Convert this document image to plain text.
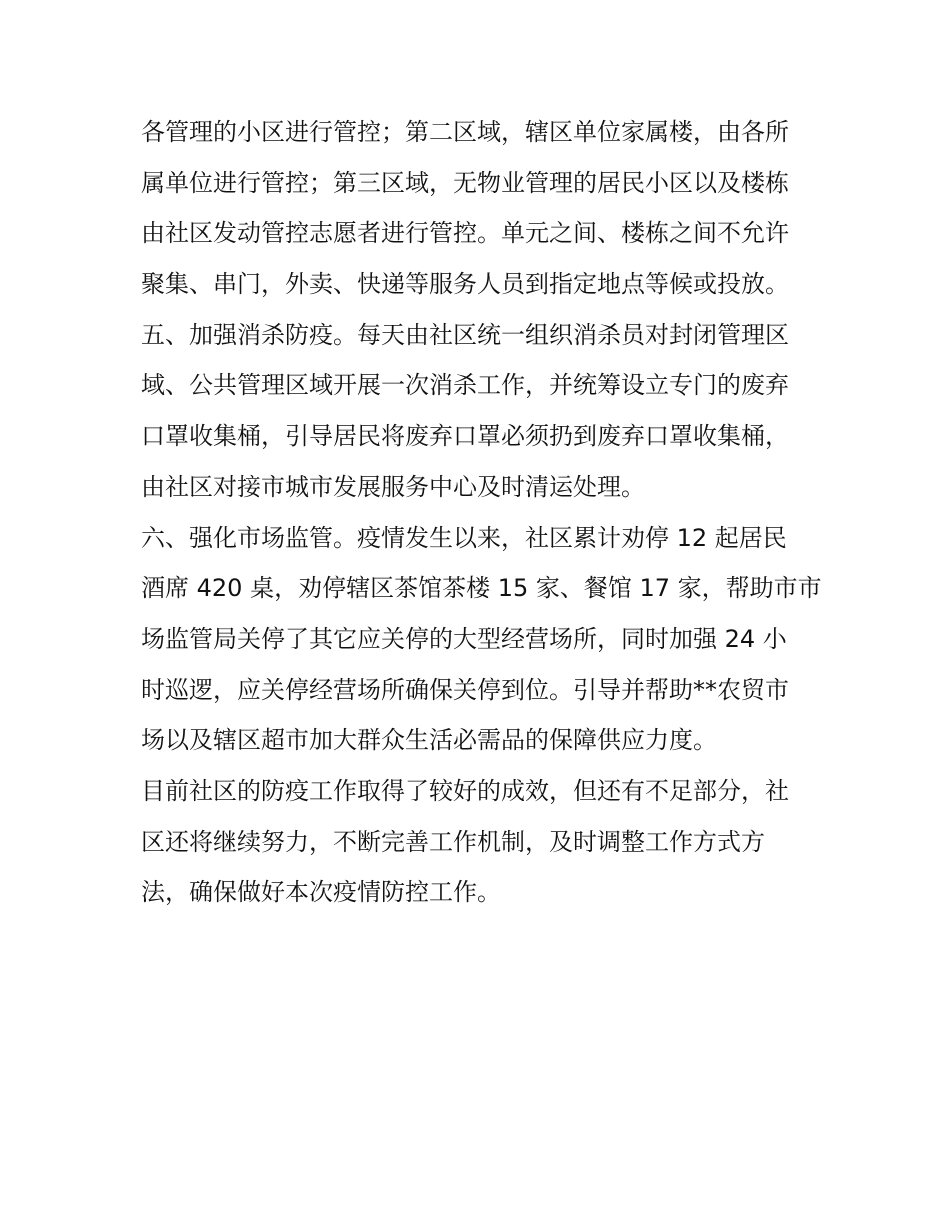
各管理的小区进行管控；第二区域，辖区单位家属楼，由各所
属单位进行管控；第三区域，无物业管理的居民小区以及楼栋
由社区发动管控志愿者进行管控。单元之间、楼栋之间不允许
聚集、串门，外卖、快递等服务人员到指定地点等候或投放。
五、加强消杀防疫。每天由社区统一组织消杀员对封闭管理区
域、公共管理区域开展一次消杀工作，并统筹设立专门的废弃
口罩收集桶，引导居民将废弃口罩必须扔到废弃口罩收集桶，
由社区对接市城市发展服务中心及时清运处理。
六、强化市场监管。疫情发生以来，社区累计劝停 12 起居民
酒席 420 桌，劝停辖区茶馆茶楼 15 家、餐馆 17 家，帮助市市
场监管局关停了其它应关停的大型经营场所，同时加强 24 小
时巡逻，应关停经营场所确保关停到位。引导并帮助**农贸市
场以及辖区超市加大群众生活必需品的保障供应力度。
目前社区的防疫工作取得了较好的成效，但还有不足部分，社
区还将继续努力，不断完善工作机制，及时调整工作方式方
法，确保做好本次疫情防控工作。
